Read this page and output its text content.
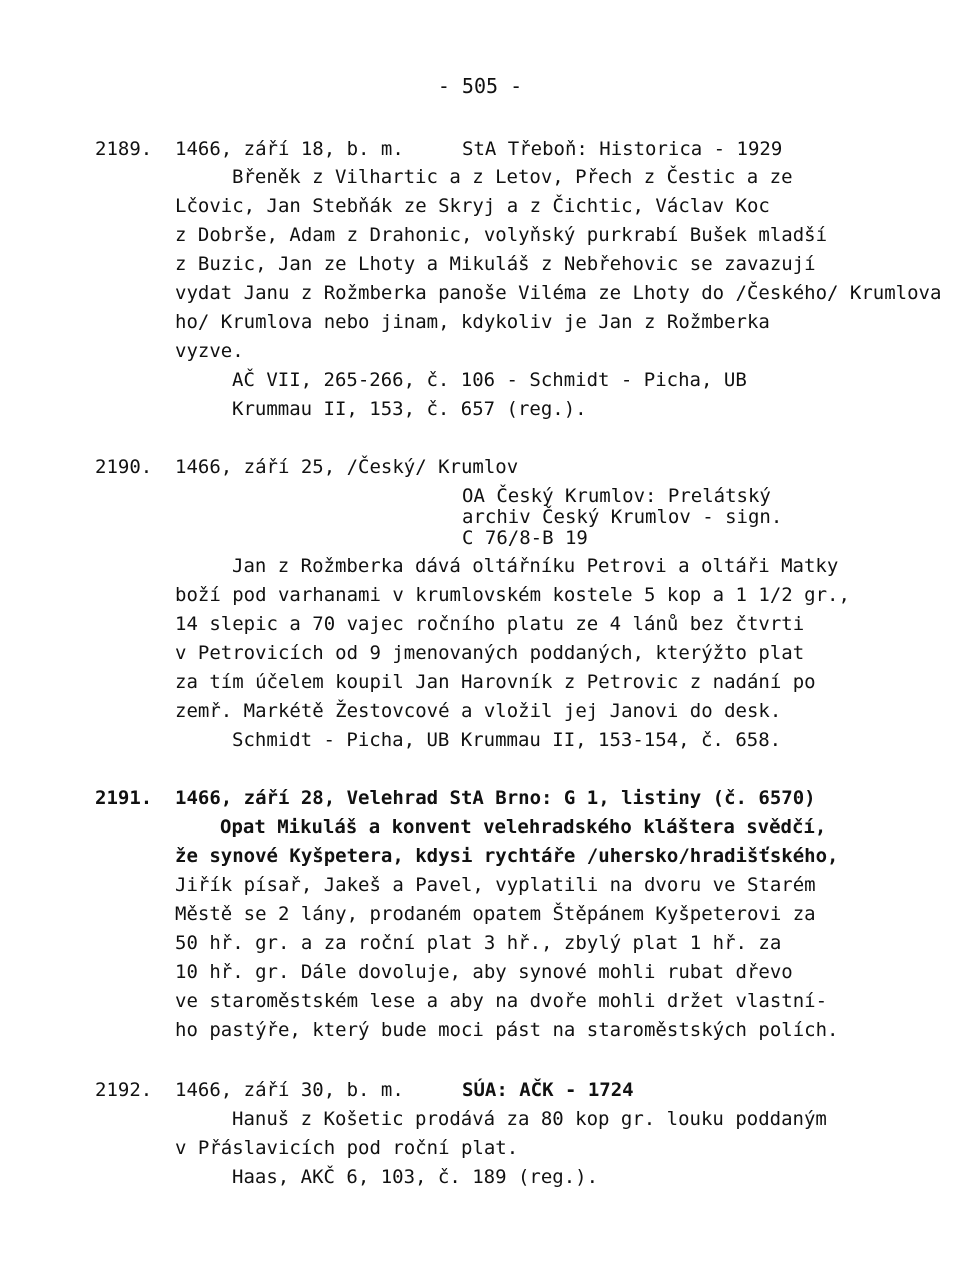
- 505 -
2189. 1466, září 18, b. m.	StA Třeboň: Historica - 1929
Břeněk z Vilhartic a z Letov, Přech z Čestic a ze
Lčovic, Jan Stebňák ze Skryj a z Čichtic, Václav Koc
z Dobrše, Adam z Drahonic, volyňský purkrabí Bušek mladší
z Buzic, Jan ze Lhoty a Mikuláš z Nebřehovic se zavazují
vydat Janu z Rožmberka panoše Viléma ze Lhoty do /Českého/ Krumlova
ho/ Krumlova nebo jinam, kdykoliv je Jan z Rožmberka
vyzve.
AČ VII, 265-266, č. 106 - Schmidt - Picha, UB
Krummau II, 153, č. 657 (reg.).
2190. 1466, září 25, /Český/ Krumlov
OA Český Krumlov: Prelátský
archiv Český Krumlov - sign.
C 76/8-B 19
Jan z Rožmberka dává oltářníku Petrovi a oltáři Matky
boží pod varhanami v krumlovském kostele 5 kop a 1 1/2 gr.,
14 slepic a 70 vajec ročního platu ze 4 lánů bez čtvrti
v Petrovicích od 9 jmenovaných poddaných, kterýžto plat
za tím účelem koupil Jan Harovník z Petrovic z nadání po
zemř. Markétě Žestovcové a vložil jej Janovi do desk.
Schmidt - Picha, UB Krummau II, 153-154, č. 658.
2191. 1466, září 28, Velehrad StA Brno: G 1, listiny (č. 6570)
Opat Mikuláš a konvent velehradského kláštera svědčí,
že synové Kyšpetera, kdysi rychtáře /uhersko/hradišťského,
Jiřík písař, Jakeš a Pavel, vyplatili na dvoru ve Starém
Městě se 2 lány, prodaném opatem Štěpánem Kyšpeterovi za
50 hř. gr. a za roční plat 3 hř., zbylý plat 1 hř. za
10 hř. gr. Dále dovoluje, aby synové mohli rubat dřevo
ve staroměstském lese a aby na dvoře mohli držet vlastní-
ho pastýře, který bude moci pást na staroměstských polích.
2192. 1466, září 30, b. m.	SÚA: AČK - 1724
Hanuš z Košetic prodává za 80 kop gr. louku poddaným
v Přáslavicích pod roční plat.
Haas, AKČ 6, 103, č. 189 (reg.).
